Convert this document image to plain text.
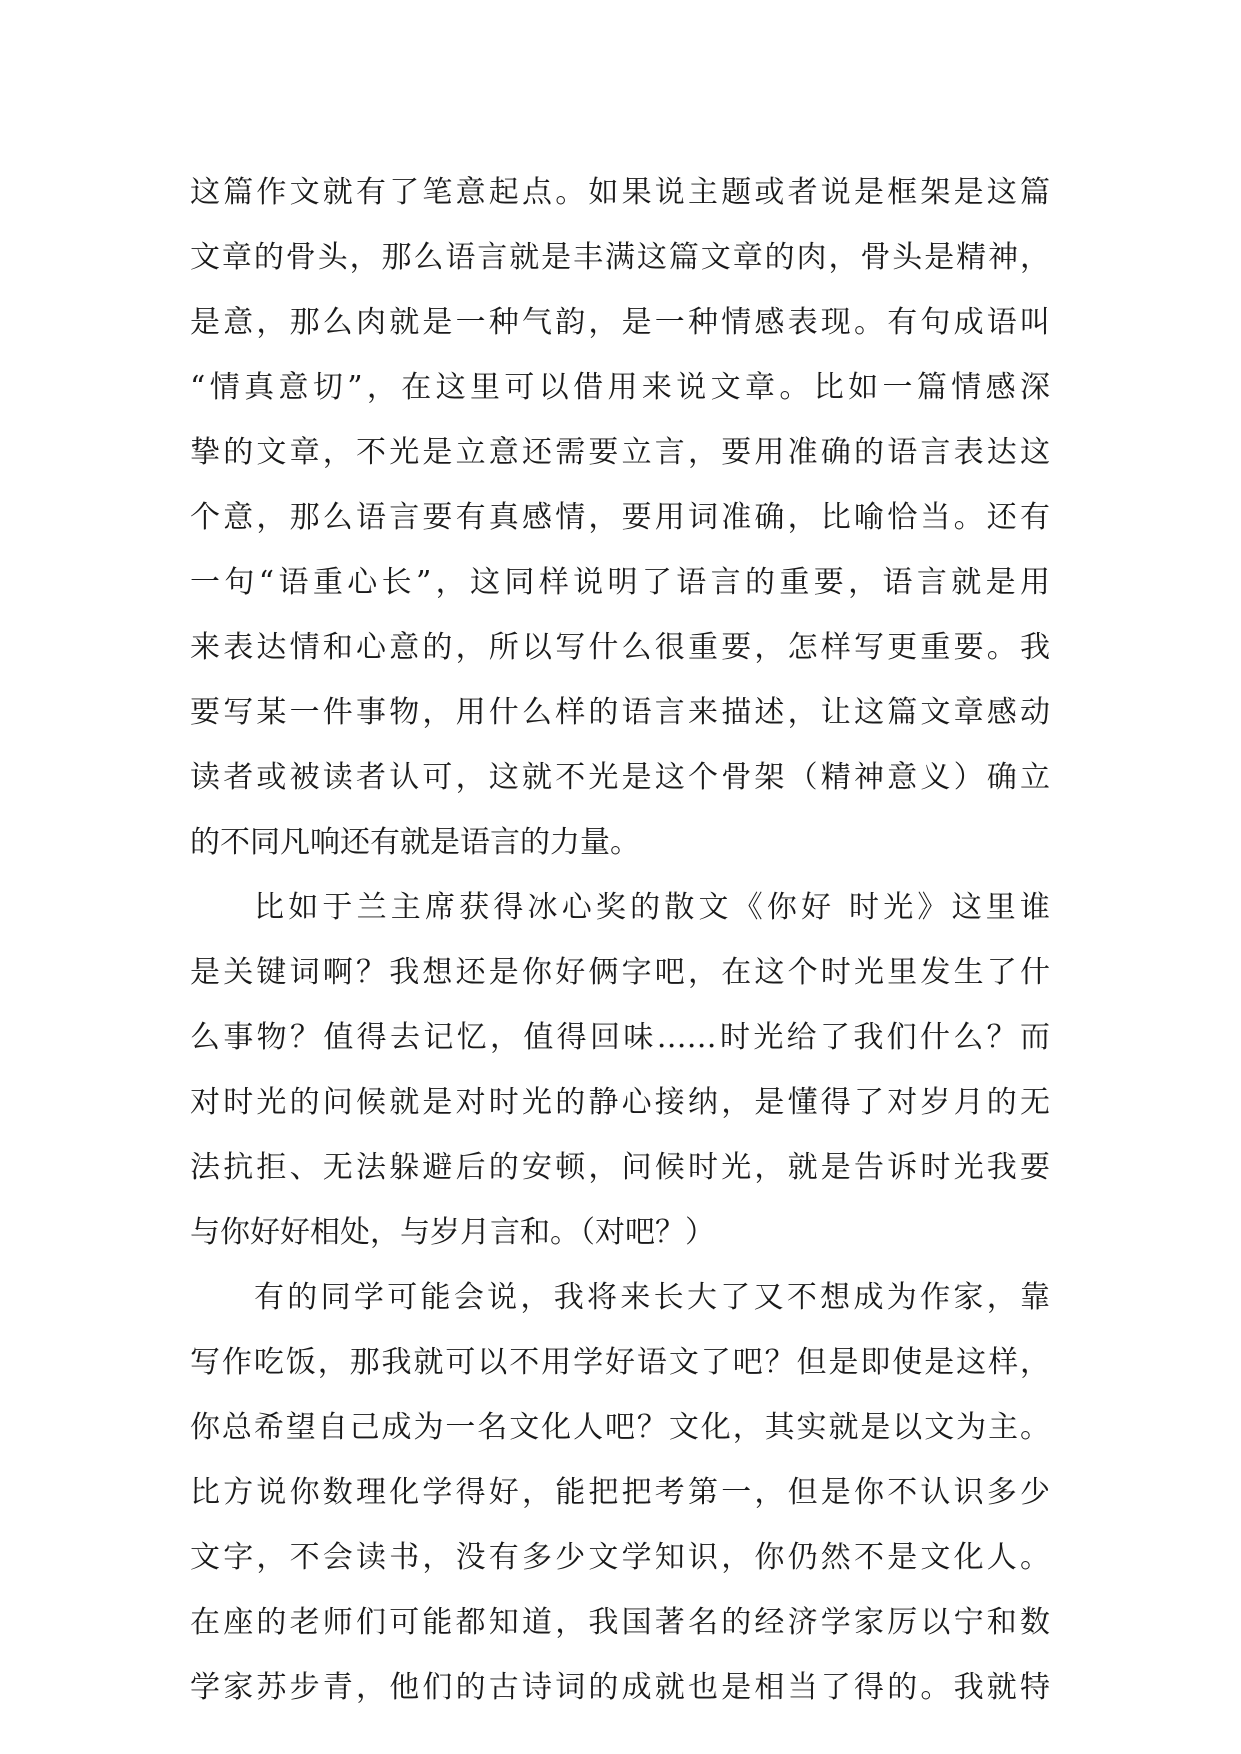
这篇作文就有了笔意起点。如果说主题或者说是框架是这篇
文章的骨头，那么语言就是丰满这篇文章的肉，骨头是精神，
是意，那么肉就是一种气韵，是一种情感表现。有句成语叫
“情真意切”，在这里可以借用来说文章。比如一篇情感深
挚的文章，不光是立意还需要立言，要用准确的语言表达这
个意，那么语言要有真感情，要用词准确，比喻恰当。还有
一句“语重心长”，这同样说明了语言的重要，语言就是用
来表达情和心意的，所以写什么很重要，怎样写更重要。我
要写某一件事物，用什么样的语言来描述，让这篇文章感动
读者或被读者认可，这就不光是这个骨架（精神意义）确立
的不同凡响还有就是语言的力量。
比如于兰主席获得冰心奖的散文《你好 时光》这里谁
是关键词啊？我想还是你好俩字吧，在这个时光里发生了什
么事物？值得去记忆，值得回味……时光给了我们什么？而
对时光的问候就是对时光的静心接纳，是懂得了对岁月的无
法抗拒、无法躲避后的安顿，问候时光，就是告诉时光我要
与你好好相处，与岁月言和。（对吧？）
有的同学可能会说，我将来长大了又不想成为作家，靠
写作吃饭，那我就可以不用学好语文了吧？但是即使是这样，
你总希望自己成为一名文化人吧？文化，其实就是以文为主。
比方说你数理化学得好，能把把考第一，但是你不认识多少
文字，不会读书，没有多少文学知识，你仍然不是文化人。
在座的老师们可能都知道，我国著名的经济学家厉以宁和数
学家苏步青，他们的古诗词的成就也是相当了得的。我就特
